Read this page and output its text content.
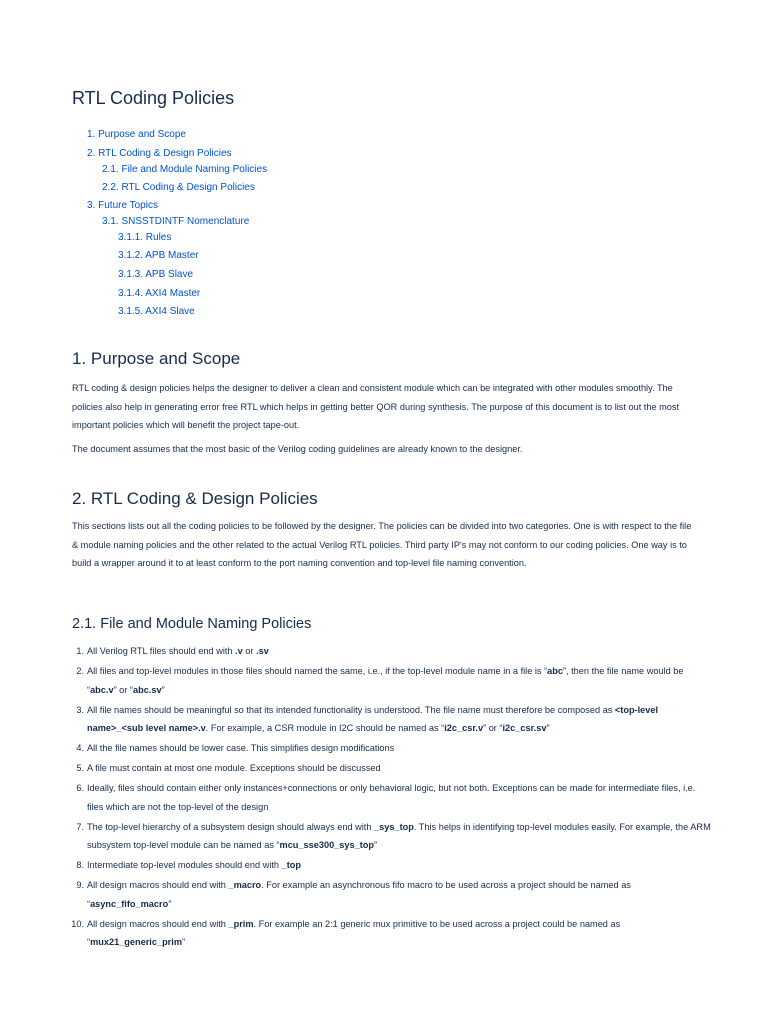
RTL Coding Policies
1. Purpose and Scope
2. RTL Coding & Design Policies
2.1. File and Module Naming Policies
2.2. RTL Coding & Design Policies
3. Future Topics
3.1. SNSSTDINTF Nomenclature
3.1.1. Rules
3.1.2. APB Master
3.1.3. APB Slave
3.1.4. AXI4 Master
3.1.5. AXI4 Slave
1. Purpose and Scope

RTL coding & design policies helps the designer to deliver a clean and consistent module which can be integrated with other modules smoothly. The policies also help in generating error free RTL which helps in getting better QOR during synthesis. The purpose of this document is to list out the most important policies which will benefit the project tape-out.

The document assumes that the most basic of the Verilog coding guidelines are already known to the designer.

2. RTL Coding & Design Policies

This sections lists out all the coding policies to be followed by the designer. The policies can be divided into two categories. One is with respect to the file & module naming policies and the other related to the actual Verilog RTL policies. Third party IP's may not conform to our coding policies. One way is to build a wrapper around it to at least conform to the port naming convention and top-level file naming convention.

2.1. File and Module Naming Policies
1. All Verilog RTL files should end with .v or .sv
2. All files and top-level modules in those files should named the same, i.e., if the top-level module name in a file is “abc”, then the file name would be “abc.v” or “abc.sv”
3. All file names should be meaningful so that its intended functionality is understood. The file name must therefore be composed as <top-level name>_<sub level name>.v. For example, a CSR module in I2C should be named as “i2c_csr.v” or “i2c_csr.sv”
4. All the file names should be lower case. This simplifies design modifications
5. A file must contain at most one module. Exceptions should be discussed
6. Ideally, files should contain either only instances+connections or only behavioral logic, but not both. Exceptions can be made for intermediate files, i.e. files which are not the top-level of the design
7. The top-level hierarchy of a subsystem design should always end with _sys_top. This helps in identifying top-level modules easily. For example, the ARM subsystem top-level module can be named as “mcu_sse300_sys_top”
8. Intermediate top-level modules should end with _top
9. All design macros should end with _macro. For example an asynchronous fifo macro to be used across a project should be named as “async_fifo_macro”
10. All design macros should end with _prim. For example an 2:1 generic mux primitive to be used across a project could be named as “mux21_generic_prim”
